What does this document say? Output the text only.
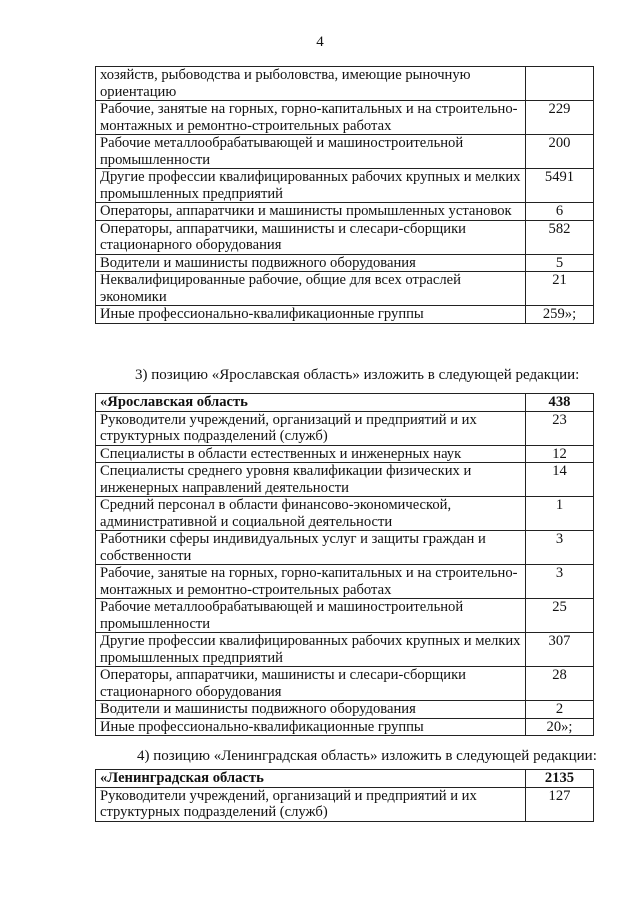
4
хозяйств, рыбоводства и рыболовства, имеющие рыночную ориентацию	
Рабочие, занятые на горных, горно-капитальных и на строительно-монтажных и ремонтно-строительных работах	229
Рабочие металлообрабатывающей и машиностроительной промышленности	200
Другие профессии квалифицированных рабочих крупных и мелких промышленных предприятий	5491
Операторы, аппаратчики и машинисты промышленных установок	6
Операторы, аппаратчики, машинисты и слесари-сборщики стационарного оборудования	582
Водители и машинисты подвижного оборудования	5
Неквалифицированные рабочие, общие для всех отраслей экономики	21
Иные профессионально-квалификационные группы	259»;
3) позицию «Ярославская область» изложить в следующей редакции:
«Ярославская область	438
Руководители учреждений, организаций и предприятий и их структурных подразделений (служб)	23
Специалисты в области естественных и инженерных наук	12
Специалисты среднего уровня квалификации физических и инженерных направлений деятельности	14
Средний персонал в области финансово-экономической, административной и социальной деятельности	1
Работники сферы индивидуальных услуг и защиты граждан и собственности	3
Рабочие, занятые на горных, горно-капитальных и на строительно-монтажных и ремонтно-строительных работах	3
Рабочие металлообрабатывающей и машиностроительной промышленности	25
Другие профессии квалифицированных рабочих крупных и мелких промышленных предприятий	307
Операторы, аппаратчики, машинисты и слесари-сборщики стационарного оборудования	28
Водители и машинисты подвижного оборудования	2
Иные профессионально-квалификационные группы	20»;
4) позицию «Ленинградская область» изложить в следующей редакции:
«Ленинградская область	2135
Руководители учреждений, организаций и предприятий и их структурных подразделений (служб)	127
